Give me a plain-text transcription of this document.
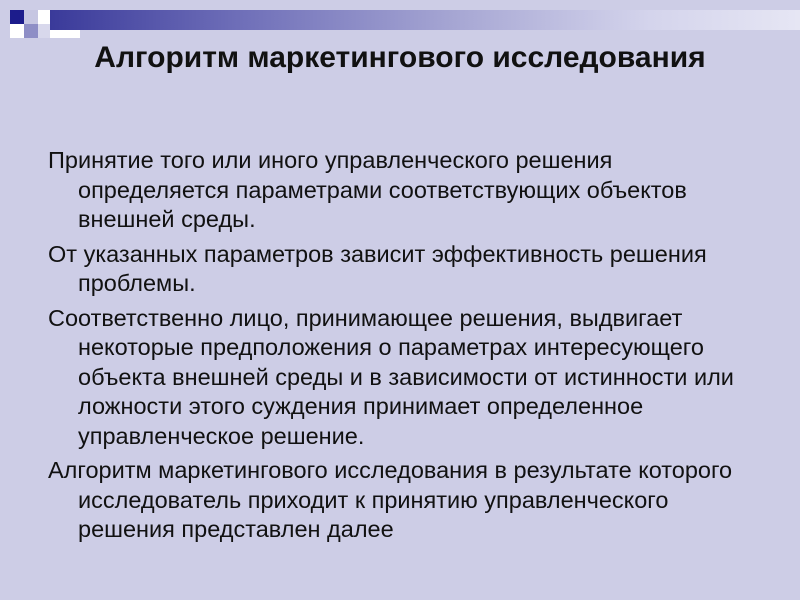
Алгоритм маркетингового исследования

Принятие того или иного управленческого решения определяется параметрами соответствующих объектов внешней среды.

От указанных параметров зависит эффективность решения проблемы.

Соответственно лицо, принимающее решения, выдвигает некоторые предположения о параметрах интересующего объекта внешней среды и в зависимости от истинности или ложности этого суждения принимает определенное управленческое решение.

Алгоритм маркетингового исследования в результате которого исследователь приходит к принятию управленческого решения представлен далее
